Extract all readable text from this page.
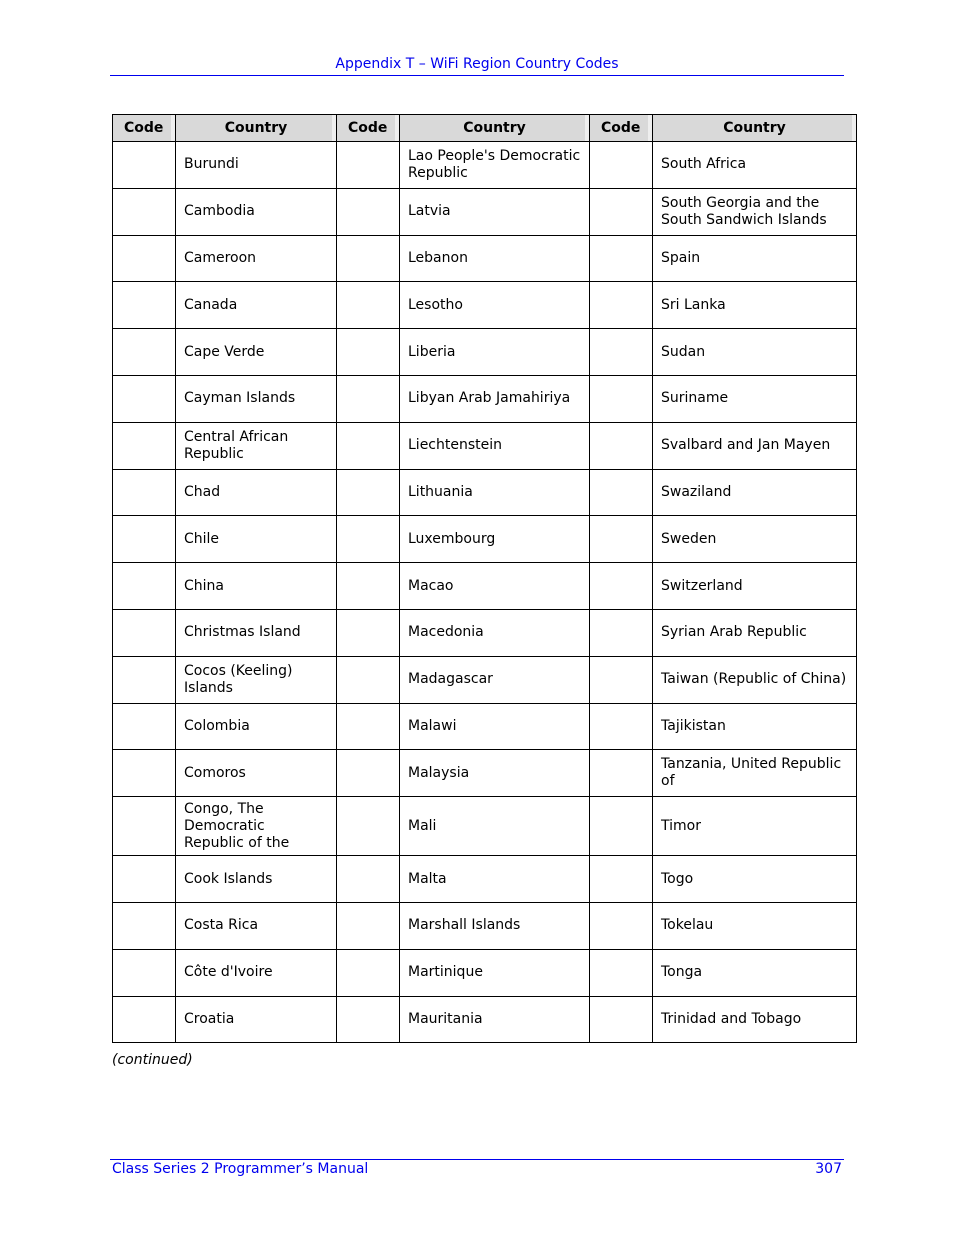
Appendix T – WiFi Region Country Codes
Code	Country	Code	Country	Code	Country
	Burundi		Lao People's Democratic Republic		South Africa
	Cambodia		Latvia		South Georgia and the South Sandwich Islands
	Cameroon		Lebanon		Spain
	Canada		Lesotho		Sri Lanka
	Cape Verde		Liberia		Sudan
	Cayman Islands		Libyan Arab Jamahiriya		Suriname
	Central African Republic		Liechtenstein		Svalbard and Jan Mayen
	Chad		Lithuania		Swaziland
	Chile		Luxembourg		Sweden
	China		Macao		Switzerland
	Christmas Island		Macedonia		Syrian Arab Republic
	Cocos (Keeling) Islands		Madagascar		Taiwan (Republic of China)
	Colombia		Malawi		Tajikistan
	Comoros		Malaysia		Tanzania, United Republic of
	Congo, The Democratic Republic of the		Mali		Timor
	Cook Islands		Malta		Togo
	Costa Rica		Marshall Islands		Tokelau
	Côte d'Ivoire		Martinique		Tonga
	Croatia		Mauritania		Trinidad and Tobago
(continued)
Class Series 2 Programmer’s Manual	307
